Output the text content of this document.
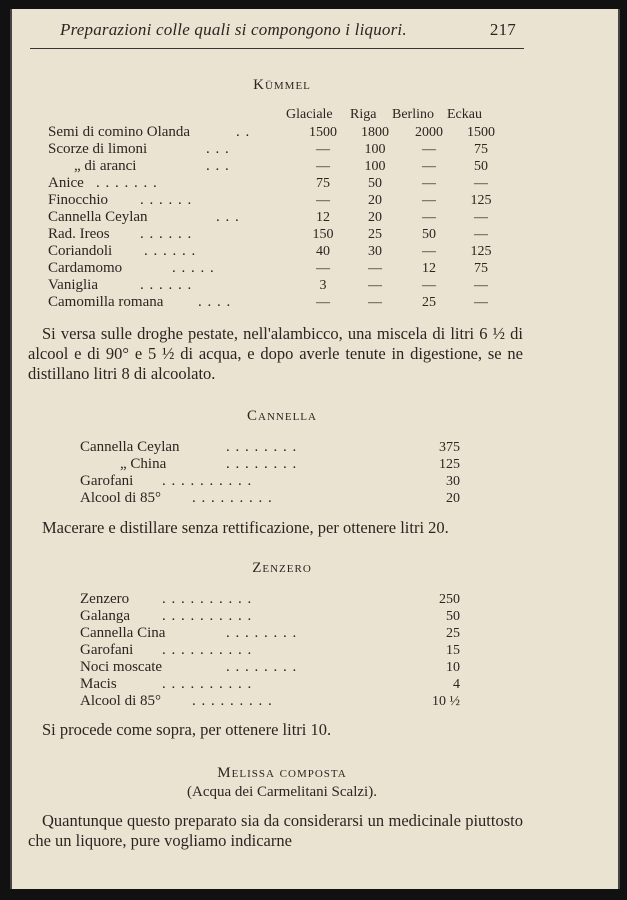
Preparazioni colle quali si compongono i liquori.	217
Kümmel
Glaciale Riga Berlino Eckau
Semi di comino Olanda	. .	1500	1800	2000	1500
Scorze di limoni	. . .	—	100	—	75
„ di aranci	. . .	—	100	—	50
Anice . . . . . . .	75	50	—	—
Finocchio . . . . . .	—	20	—	125
Cannella Ceylan	. . .	12	20	—	—
Rad. Ireos . . . . . .	150	25	50	—
Coriandoli . . . . . .	40	30	—	125
Cardamomo	. . . . .	—	—	12	75
Vaniglia	. . . . . .	3	—	—	—
Camomilla romana . . . .	—	—	25	—
Si versa sulle droghe pestate, nell'alambicco, una miscela di litri 6 ½ di alcool e di 90° e 5 ½ di acqua, e dopo averle tenute in digestione, se ne distillano litri 8 di alcoolato.
Cannella
Cannella Ceylan	. . . . . . . .	375
„ China	. . . . . . . .	125
Garofani . . . . . . . . . .	30
Alcool di 85° . . . . . . . . .	20
Macerare e distillare senza rettificazione, per ottenere litri 20.
Zenzero
Zenzero . . . . . . . . . .	250
Galanga . . . . . . . . . .	50
Cannella Cina	. . . . . . . .	25
Garofani . . . . . . . . . .	15
Noci moscate	. . . . . . . .	10
Macis	. . . . . . . . . .	4
Alcool di 85° . . . . . . . . .	10 ½
Si procede come sopra, per ottenere litri 10.
Melissa composta
(Acqua dei Carmelitani Scalzi).
Quantunque questo preparato sia da considerarsi un medicinale piuttosto che un liquore, pure vogliamo indicarne
